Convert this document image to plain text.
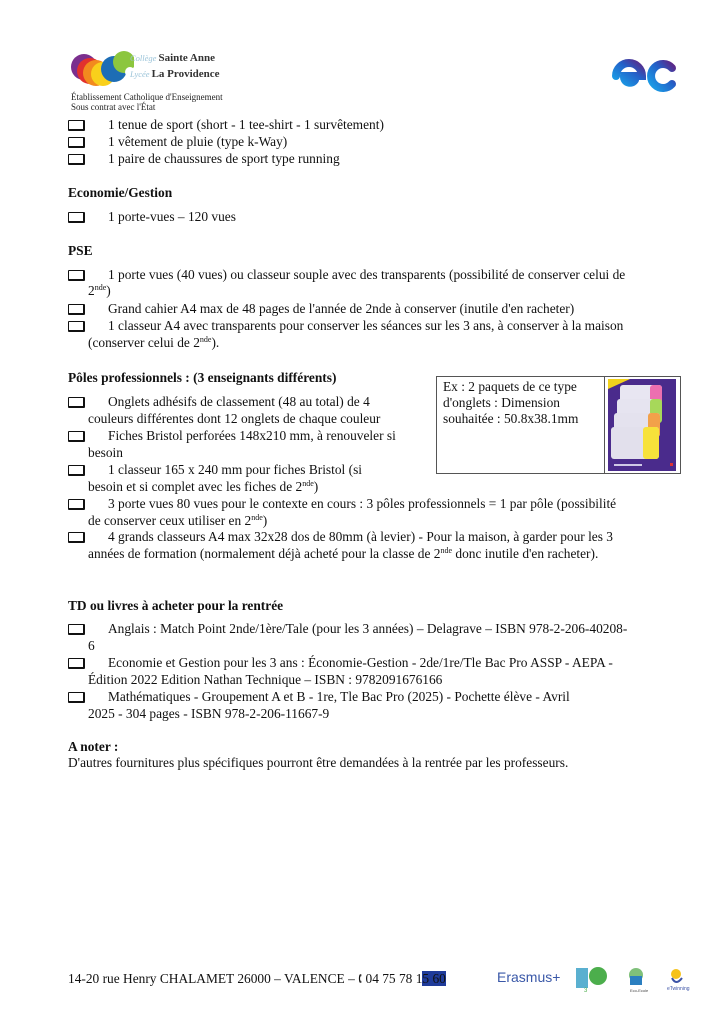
Collège Sainte Anne
Lycée La Providence
Établissement Catholique d'Enseignement
Sous contrat avec l'État
1 tenue de sport (short - 1 tee-shirt - 1 survêtement)
1 vêtement de pluie (type k-Way)
1 paire de chaussures de sport type running
Economie/Gestion
1 porte-vues – 120 vues
PSE
1 porte vues (40 vues) ou classeur souple avec des transparents (possibilité de conserver celui de
2nde)
Grand cahier A4 max de 48 pages de l'année de 2nde à conserver (inutile d'en racheter)
1 classeur A4 avec transparents pour conserver les séances sur les 3 ans, à conserver à la maison
(conserver celui de 2nde).
Pôles professionnels : (3 enseignants différents)
Onglets adhésifs de classement (48 au total) de 4
couleurs différentes dont 12 onglets de chaque couleur
Fiches Bristol perforées 148x210 mm, à renouveler si
besoin
1 classeur 165 x 240 mm pour fiches Bristol (si
besoin et si complet avec les fiches de 2nde)
3 porte vues 80 vues pour le contexte en cours : 3 pôles professionnels = 1 par pôle (possibilité
de conserver ceux utiliser en 2nde)
4 grands classeurs A4 max 32x28 dos de 80mm (à levier) - Pour la maison, à garder pour les 3
années de formation (normalement déjà acheté pour la classe de 2nde donc inutile d'en racheter).
Ex : 2 paquets de ce type d'onglets : Dimension souhaitée : 50.8x38.1mm
TD ou livres à acheter pour la rentrée
Anglais : Match Point 2nde/1ère/Tale (pour les 3 années) – Delagrave – ISBN 978-2-206-40208-
6
Economie et Gestion pour les 3 ans : Économie-Gestion - 2de/1re/Tle Bac Pro ASSP - AEPA -
Édition 2022 Edition Nathan Technique – ISBN : 9782091676166
Mathématiques - Groupement A et B - 1re, Tle Bac Pro (2025) - Pochette élève - Avril
2025 - 304 pages - ISBN 978-2-206-11667-9
A noter :
D'autres fournitures plus spécifiques pourront être demandées à la rentrée par les professeurs.
14-20 rue Henry CHALAMET 26000 – VALENCE – 🕻 04 75 78 15 60	Erasmus+
3	Eco-Ecole	eTwinning
